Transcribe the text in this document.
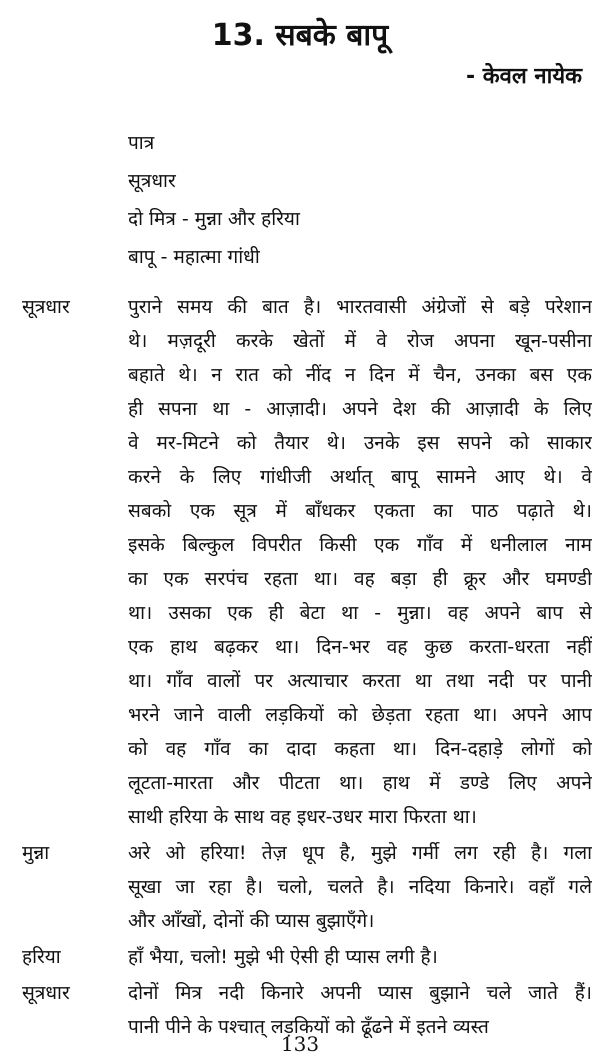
13. सबके बापू
- केवल नायेक
पात्र
सूत्रधार
दो मित्र - मुन्ना और हरिया
बापू - महात्मा गांधी
सूत्रधार	पुराने समय की बात है। भारतवासी अंग्रेजों से बड़े परेशान
थे। मज़दूरी करके खेतों में वे रोज अपना खून-पसीना
बहाते थे। न रात को नींद न दिन में चैन, उनका बस एक
ही सपना था - आज़ादी। अपने देश की आज़ादी के लिए
वे मर-मिटने को तैयार थे। उनके इस सपने को साकार
करने के लिए गांधीजी अर्थात् बापू सामने आए थे। वे
सबको एक सूत्र में बाँधकर एकता का पाठ पढ़ाते थे।
इसके बिल्कुल विपरीत किसी एक गाँव में धनीलाल नाम
का एक सरपंच रहता था। वह बड़ा ही क्रूर और घमण्डी
था। उसका एक ही बेटा था - मुन्ना। वह अपने बाप से
एक हाथ बढ़कर था। दिन-भर वह कुछ करता-धरता नहीं
था। गाँव वालों पर अत्याचार करता था तथा नदी पर पानी
भरने जाने वाली लड़कियों को छेड़ता रहता था। अपने आप
को वह गाँव का दादा कहता था। दिन-दहाड़े लोगों को
लूटता-मारता और पीटता था। हाथ में डण्डे लिए अपने
साथी हरिया के साथ वह इधर-उधर मारा फिरता था।
मुन्ना	अरे ओ हरिया! तेज़ धूप है, मुझे गर्मी लग रही है। गला
सूखा जा रहा है। चलो, चलते है। नदिया किनारे। वहाँ गले
और आँखों, दोनों की प्यास बुझाएँगे।
हरिया	हाँ भैया, चलो! मुझे भी ऐसी ही प्यास लगी है।
सूत्रधार	दोनों मित्र नदी किनारे अपनी प्यास बुझाने चले जाते हैं।
पानी पीने के पश्चात् लड़कियों को ढूँढने में इतने व्यस्त
133
